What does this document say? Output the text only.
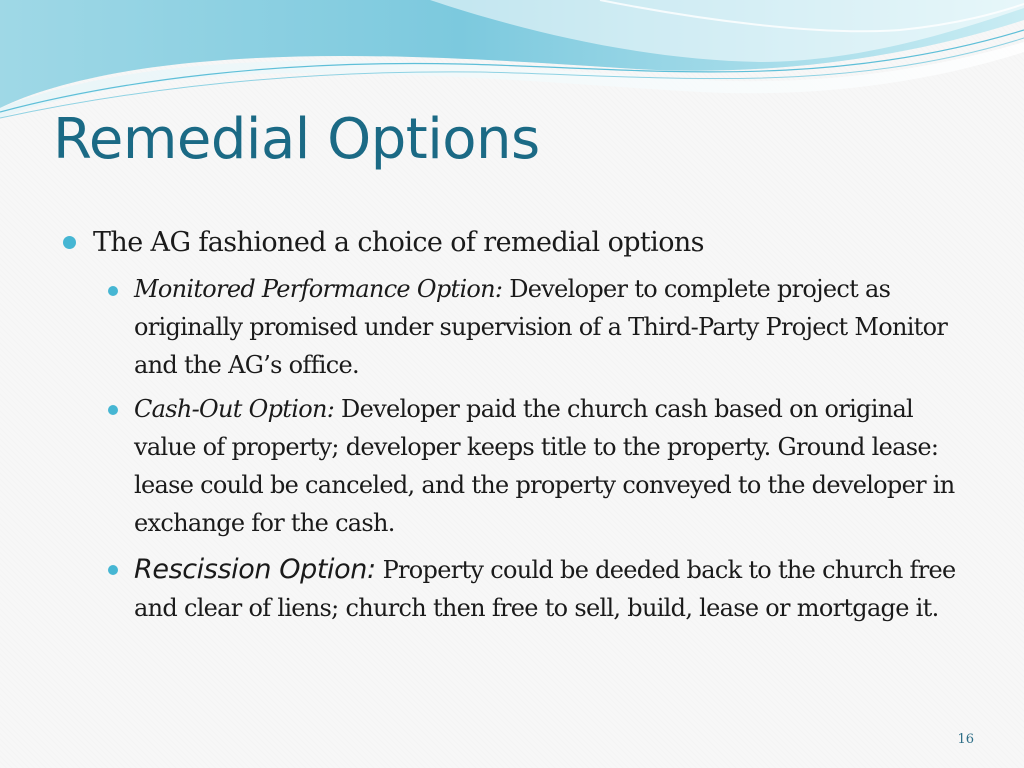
Remedial Options

The AG fashioned a choice of remedial options

Monitored Performance Option: Developer to complete project as originally promised under supervision of a Third-Party Project Monitor and the AG’s office.

Cash-Out Option: Developer paid the church cash based on original value of property; developer keeps title to the property. Ground lease: lease could be canceled, and the property conveyed to the developer in exchange for the cash.

Rescission Option: Property could be deeded back to the church free and clear of liens; church then free to sell, build, lease or mortgage it.

16
